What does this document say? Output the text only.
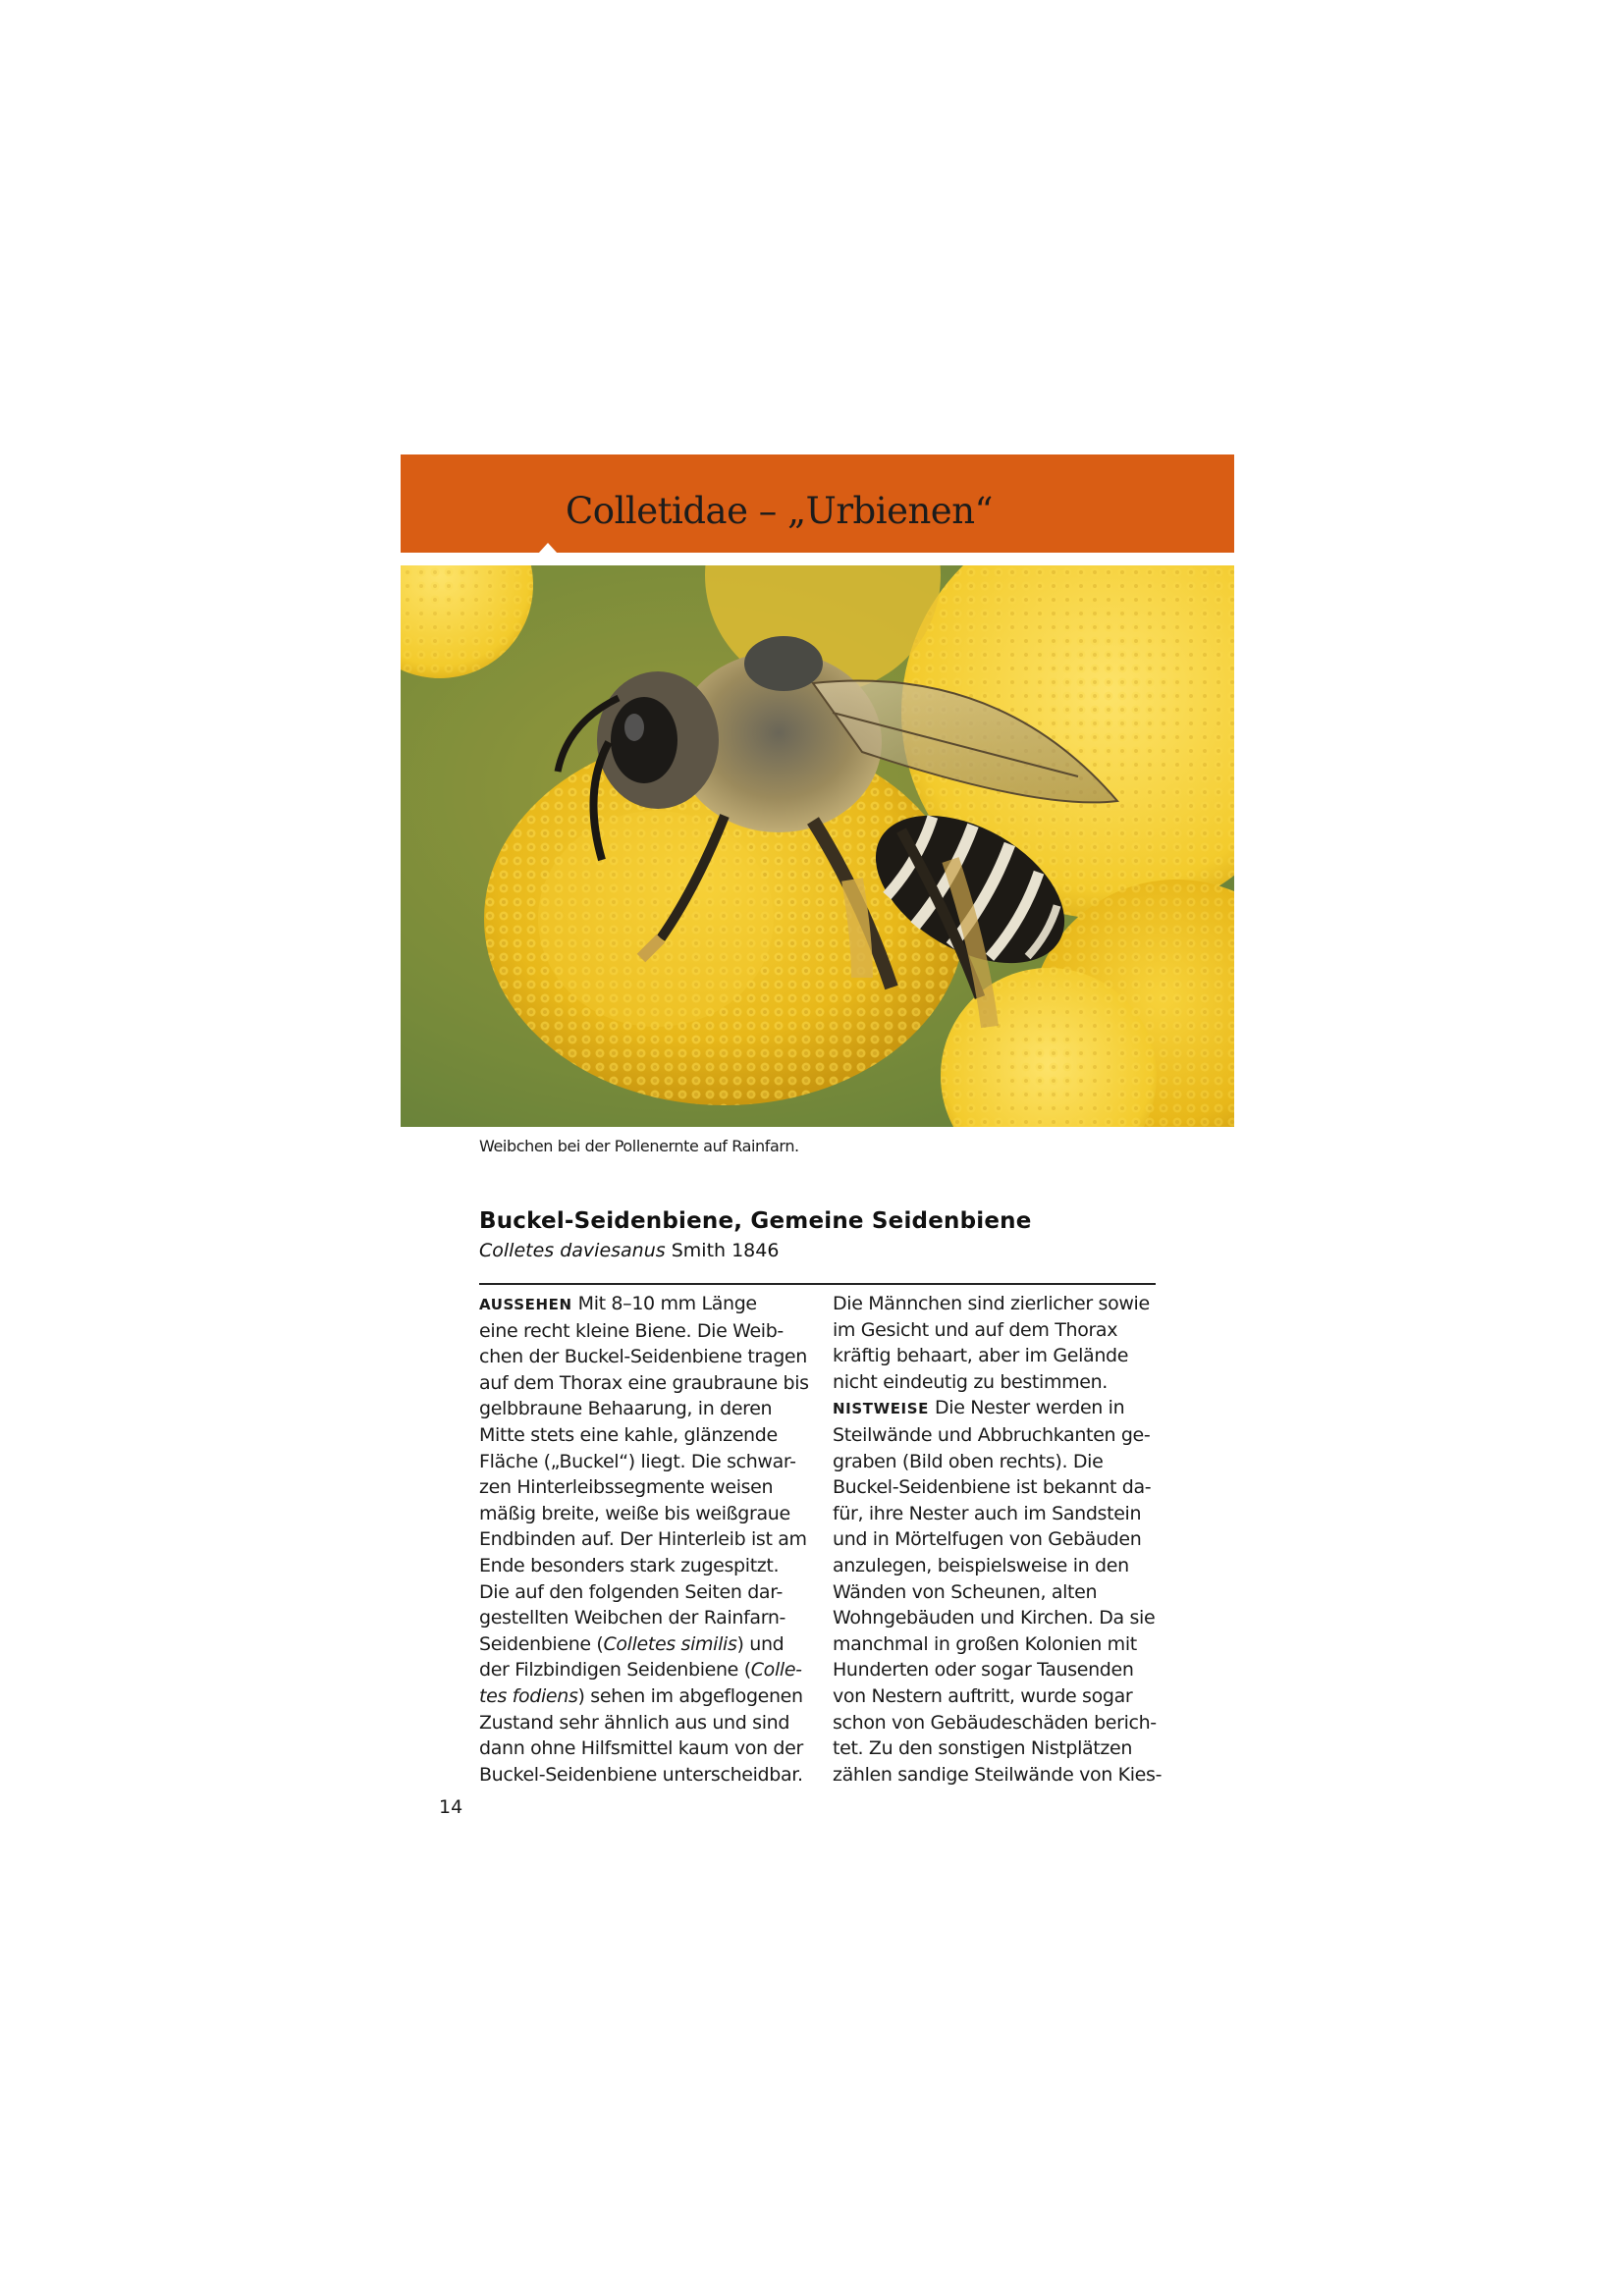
Colletidae – „Urbienen“
Weibchen bei der Pollenernte auf Rainfarn.
Buckel-Seidenbiene, Gemeine Seidenbiene
Colletes daviesanus Smith 1846
AUSSEHEN Mit 8–10 mm Länge
eine recht kleine Biene. Die Weib-
chen der Buckel-Seidenbiene tragen
auf dem Thorax eine graubraune bis
gelbbraune Behaarung, in deren
Mitte stets eine kahle, glänzende
Fläche („Buckel“) liegt. Die schwar-
zen Hinterleibssegmente weisen
mäßig breite, weiße bis weißgraue
Endbinden auf. Der Hinterleib ist am
Ende besonders stark zugespitzt.
Die auf den folgenden Seiten dar-
gestellten Weibchen der Rainfarn-
Seidenbiene (Colletes similis) und
der Filzbindigen Seidenbiene (Colle-
tes fodiens) sehen im abgeflogenen
Zustand sehr ähnlich aus und sind
dann ohne Hilfsmittel kaum von der
Buckel-Seidenbiene unterscheidbar.
Die Männchen sind zierlicher sowie
im Gesicht und auf dem Thorax
kräftig behaart, aber im Gelände
nicht eindeutig zu bestimmen.
NISTWEISE Die Nester werden in
Steilwände und Abbruchkanten ge-
graben (Bild oben rechts). Die
Buckel-Seidenbiene ist bekannt da-
für, ihre Nester auch im Sandstein
und in Mörtelfugen von Gebäuden
anzulegen, beispielsweise in den
Wänden von Scheunen, alten
Wohngebäuden und Kirchen. Da sie
manchmal in großen Kolonien mit
Hunderten oder sogar Tausenden
von Nestern auftritt, wurde sogar
schon von Gebäudeschäden berich-
tet. Zu den sonstigen Nistplätzen
zählen sandige Steilwände von Kies-
14
